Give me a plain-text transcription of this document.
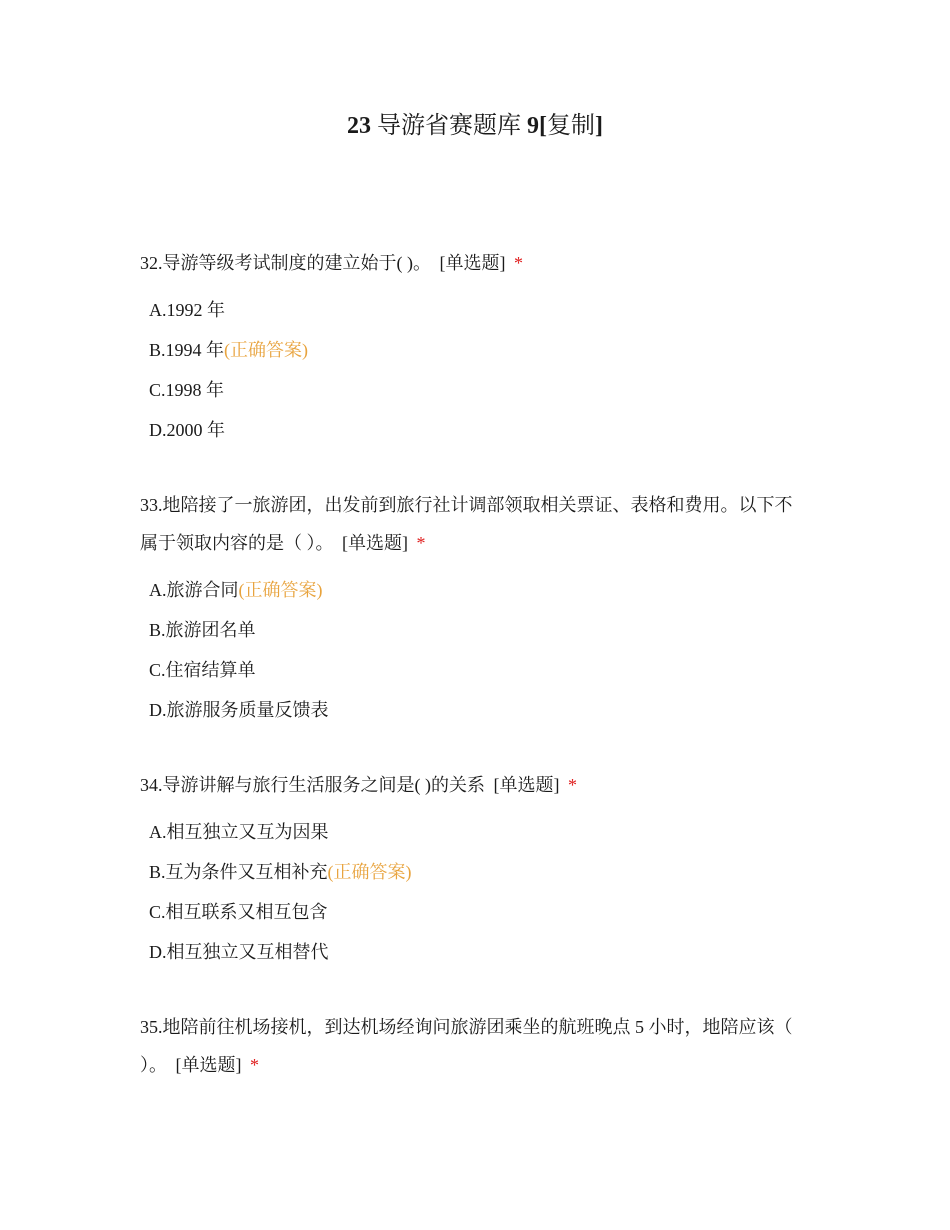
23 导游省赛题库 9[复制]

32.导游等级考试制度的建立始于( )。 [单选题] *

A.1992 年
B.1994 年(正确答案)
C.1998 年
D.2000 年

33.地陪接了一旅游团，出发前到旅行社计调部领取相关票证、表格和费用。以下不属于领取内容的是（ ）。 [单选题] *

A.旅游合同(正确答案)
B.旅游团名单
C.住宿结算单
D.旅游服务质量反馈表

34.导游讲解与旅行生活服务之间是( )的关系 [单选题] *

A.相互独立又互为因果
B.互为条件又互相补充(正确答案)
C.相互联系又相互包含
D.相互独立又互相替代

35.地陪前往机场接机，到达机场经询问旅游团乘坐的航班晚点 5 小时，地陪应该（ ）。 [单选题] *
